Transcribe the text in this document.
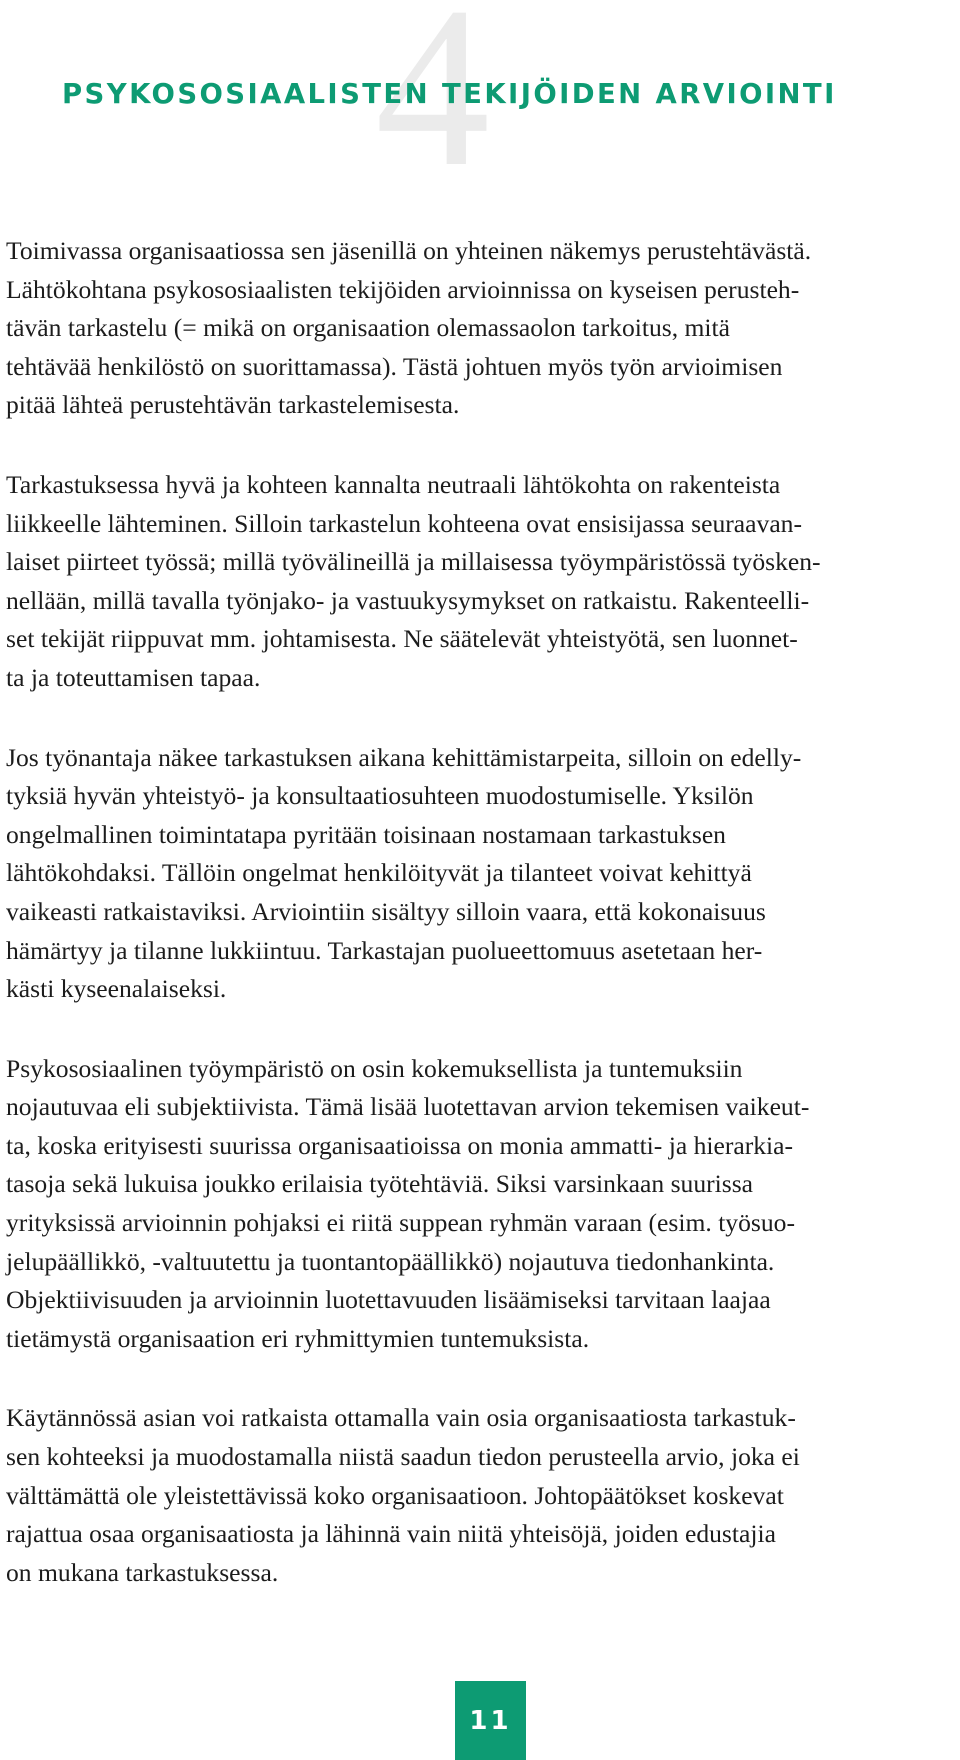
4
PSYKOSOSIAALISTEN TEKIJÖIDEN ARVIOINTI

Toimivassa organisaatiossa sen jäsenillä on yhteinen näkemys perustehtävästä.
Lähtökohtana psykososiaalisten tekijöiden arvioinnissa on kyseisen perusteh-
tävän tarkastelu (= mikä on organisaation olemassaolon tarkoitus, mitä
tehtävää henkilöstö on suorittamassa). Tästä johtuen myös työn arvioimisen
pitää lähteä perustehtävän tarkastelemisesta.

Tarkastuksessa hyvä ja kohteen kannalta neutraali lähtökohta on rakenteista
liikkeelle lähteminen. Silloin tarkastelun kohteena ovat ensisijassa seuraavan-
laiset piirteet työssä; millä työvälineillä ja millaisessa työympäristössä työsken-
nellään, millä tavalla työnjako- ja vastuukysymykset on ratkaistu. Rakenteelli-
set tekijät riippuvat mm. johtamisesta. Ne säätelevät yhteistyötä, sen luonnet-
ta ja toteuttamisen tapaa.

Jos työnantaja näkee tarkastuksen aikana kehittämistarpeita, silloin on edelly-
tyksiä hyvän yhteistyö- ja konsultaatiosuhteen muodostumiselle. Yksilön
ongelmallinen toimintatapa pyritään toisinaan nostamaan tarkastuksen
lähtökohdaksi. Tällöin ongelmat henkilöityvät ja tilanteet voivat kehittyä
vaikeasti ratkaistaviksi. Arviointiin sisältyy silloin vaara, että kokonaisuus
hämärtyy ja tilanne lukkiintuu. Tarkastajan puolueettomuus asetetaan her-
kästi kyseenalaiseksi.

Psykososiaalinen työympäristö on osin kokemuksellista ja tuntemuksiin
nojautuvaa eli subjektiivista. Tämä lisää luotettavan arvion tekemisen vaikeut-
ta, koska erityisesti suurissa organisaatioissa on monia ammatti- ja hierarkia-
tasoja sekä lukuisa joukko erilaisia työtehtäviä. Siksi varsinkaan suurissa
yrityksissä arvioinnin pohjaksi ei riitä suppean ryhmän varaan (esim. työsuo-
jelupäällikkö, -valtuutettu ja tuontantopäällikkö) nojautuva tiedonhankinta.
Objektiivisuuden ja arvioinnin luotettavuuden lisäämiseksi tarvitaan laajaa
tietämystä organisaation eri ryhmittymien tuntemuksista.

Käytännössä asian voi ratkaista ottamalla vain osia organisaatiosta tarkastuk-
sen kohteeksi ja muodostamalla niistä saadun tiedon perusteella arvio, joka ei
välttämättä ole yleistettävissä koko organisaatioon. Johtopäätökset koskevat
rajattua osaa organisaatiosta ja lähinnä vain niitä yhteisöjä, joiden edustajia
on mukana tarkastuksessa.

11
